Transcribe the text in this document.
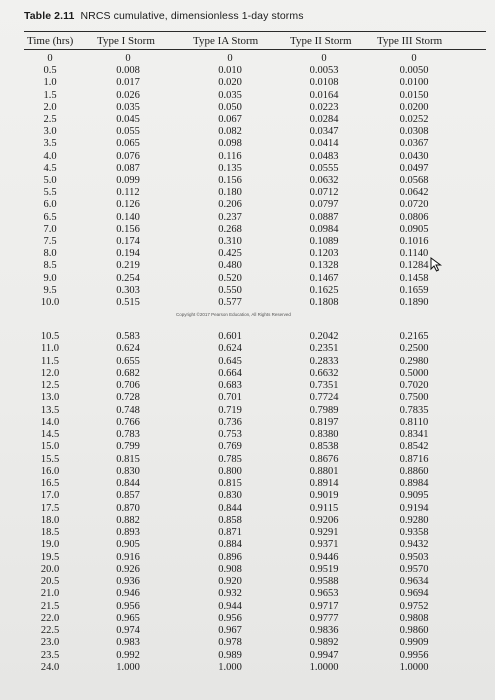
Table 2.11 NRCS cumulative, dimensionless 1-day storms
Time (hrs) Type I Storm	Type IA Storm	Type II Storm Type III Storm
0	0	0	0	0
0.5	0.008	0.010	0.0053	0.0050
1.0	0.017	0.020	0.0108	0.0100
1.5	0.026	0.035	0.0164	0.0150
2.0	0.035	0.050	0.0223	0.0200
2.5	0.045	0.067	0.0284	0.0252
3.0	0.055	0.082	0.0347	0.0308
3.5	0.065	0.098	0.0414	0.0367
4.0	0.076	0.116	0.0483	0.0430
4.5	0.087	0.135	0.0555	0.0497
5.0	0.099	0.156	0.0632	0.0568
5.5	0.112	0.180	0.0712	0.0642
6.0	0.126	0.206	0.0797	0.0720
6.5	0.140	0.237	0.0887	0.0806
7.0	0.156	0.268	0.0984	0.0905
7.5	0.174	0.310	0.1089	0.1016
8.0	0.194	0.425	0.1203	0.1140
8.5	0.219	0.480	0.1328	0.1284
9.0	0.254	0.520	0.1467	0.1458
9.5	0.303	0.550	0.1625	0.1659
10.0	0.515	0.577	0.1808	0.1890
Copyright ©2017 Pearson Education, All Rights Reserved
10.5	0.583	0.601	0.2042	0.2165
11.0	0.624	0.624	0.2351	0.2500
11.5	0.655	0.645	0.2833	0.2980
12.0	0.682	0.664	0.6632	0.5000
12.5	0.706	0.683	0.7351	0.7020
13.0	0.728	0.701	0.7724	0.7500
13.5	0.748	0.719	0.7989	0.7835
14.0	0.766	0.736	0.8197	0.8110
14.5	0.783	0.753	0.8380	0.8341
15.0	0.799	0.769	0.8538	0.8542
15.5	0.815	0.785	0.8676	0.8716
16.0	0.830	0.800	0.8801	0.8860
16.5	0.844	0.815	0.8914	0.8984
17.0	0.857	0.830	0.9019	0.9095
17.5	0.870	0.844	0.9115	0.9194
18.0	0.882	0.858	0.9206	0.9280
18.5	0.893	0.871	0.9291	0.9358
19.0	0.905	0.884	0.9371	0.9432
19.5	0.916	0.896	0.9446	0.9503
20.0	0.926	0.908	0.9519	0.9570
20.5	0.936	0.920	0.9588	0.9634
21.0	0.946	0.932	0.9653	0.9694
21.5	0.956	0.944	0.9717	0.9752
22.0	0.965	0.956	0.9777	0.9808
22.5	0.974	0.967	0.9836	0.9860
23.0	0.983	0.978	0.9892	0.9909
23.5	0.992	0.989	0.9947	0.9956
24.0	1.000	1.000	1.0000	1.0000
